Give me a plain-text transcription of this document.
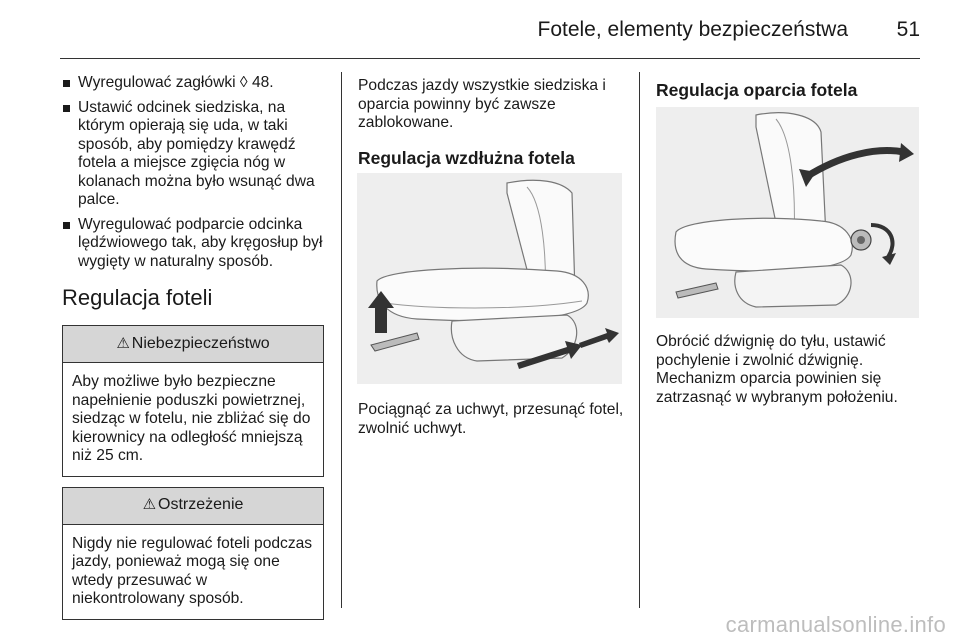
Fotele, elementy bezpieczeństwa 51
Wyregulować zagłówki ◊ 48.
Ustawić odcinek siedziska, na którym opierają się uda, w taki sposób, aby pomiędzy krawędź fotela a miejsce zgięcia nóg w kolanach można było wsunąć dwa palce.
Wyregulować podparcie odcinka lędźwiowego tak, aby kręgosłup był wygięty w naturalny sposób.
Regulacja foteli
⚠ Niebezpieczeństwo
Aby możliwe było bezpieczne napełnienie poduszki powietrznej, siedząc w fotelu, nie zbliżać się do kierownicy na odległość mniejszą niż 25 cm.
⚠ Ostrzeżenie
Nigdy nie regulować foteli podczas jazdy, ponieważ mogą się one wtedy przesuwać w niekontrolowany sposób.

Podczas jazdy wszystkie siedziska i oparcia powinny być zawsze zablokowane.

Regulacja wzdłużna fotela

Pociągnąć za uchwyt, przesunąć fotel, zwolnić uchwyt.

Regulacja oparcia fotela

Obrócić dźwignię do tyłu, ustawić pochylenie i zwolnić dźwignię. Mechanizm oparcia powinien się zatrzasnąć w wybranym położeniu.

carmanualsonline.info
